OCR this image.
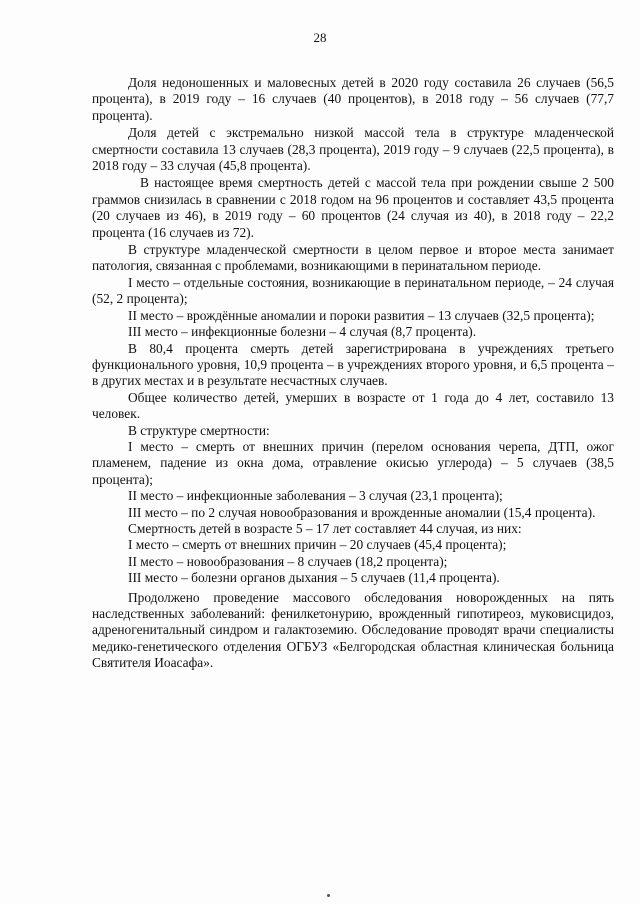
28

Доля недоношенных и маловесных детей в 2020 году составила 26 случаев (56,5 процента), в 2019 году – 16 случаев (40 процентов), в 2018 году – 56 случаев (77,7 процента).

Доля детей с экстремально низкой массой тела в структуре младенческой смертности составила 13 случаев (28,3 процента), 2019 году – 9 случаев (22,5 процента), в 2018 году – 33 случая (45,8 процента).

В настоящее время смертность детей с массой тела при рождении свыше 2 500 граммов снизилась в сравнении с 2018 годом на 96 процентов и составляет 43,5 процента (20 случаев из 46), в 2019 году – 60 процентов (24 случая из 40), в 2018 году – 22,2 процента (16 случаев из 72).

В структуре младенческой смертности в целом первое и второе места занимает патология, связанная с проблемами, возникающими в перинатальном периоде.

I место – отдельные состояния, возникающие в перинатальном периоде, – 24 случая (52, 2 процента);

II место – врождённые аномалии и пороки развития – 13 случаев (32,5 процента);

III место – инфекционные болезни – 4 случая (8,7 процента).

В 80,4 процента смерть детей зарегистрирована в учреждениях третьего функционального уровня, 10,9 процента – в учреждениях второго уровня, и 6,5 процента – в других местах и в результате несчастных случаев.

Общее количество детей, умерших в возрасте от 1 года до 4 лет, составило 13 человек.

В структуре смертности:

I место – смерть от внешних причин (перелом основания черепа, ДТП, ожог пламенем, падение из окна дома, отравление окисью углерода) – 5 случаев (38,5 процента);

II место – инфекционные заболевания – 3 случая (23,1 процента);

III место – по 2 случая новообразования и врожденные аномалии (15,4 процента).

Смертность детей в возрасте 5 – 17 лет составляет 44 случая, из них:

I место – смерть от внешних причин – 20 случаев (45,4 процента);

II место – новообразования – 8 случаев (18,2 процента);

III место – болезни органов дыхания – 5 случаев (11,4 процента).

Продолжено проведение массового обследования новорожденных на пять наследственных заболеваний: фенилкетонурию, врожденный гипотиреоз, муковисцидоз, адреногенитальный синдром и галактоземию. Обследование проводят врачи специалисты медико-генетического отделения ОГБУЗ «Белгородская областная клиническая больница Святителя Иоасафа».
